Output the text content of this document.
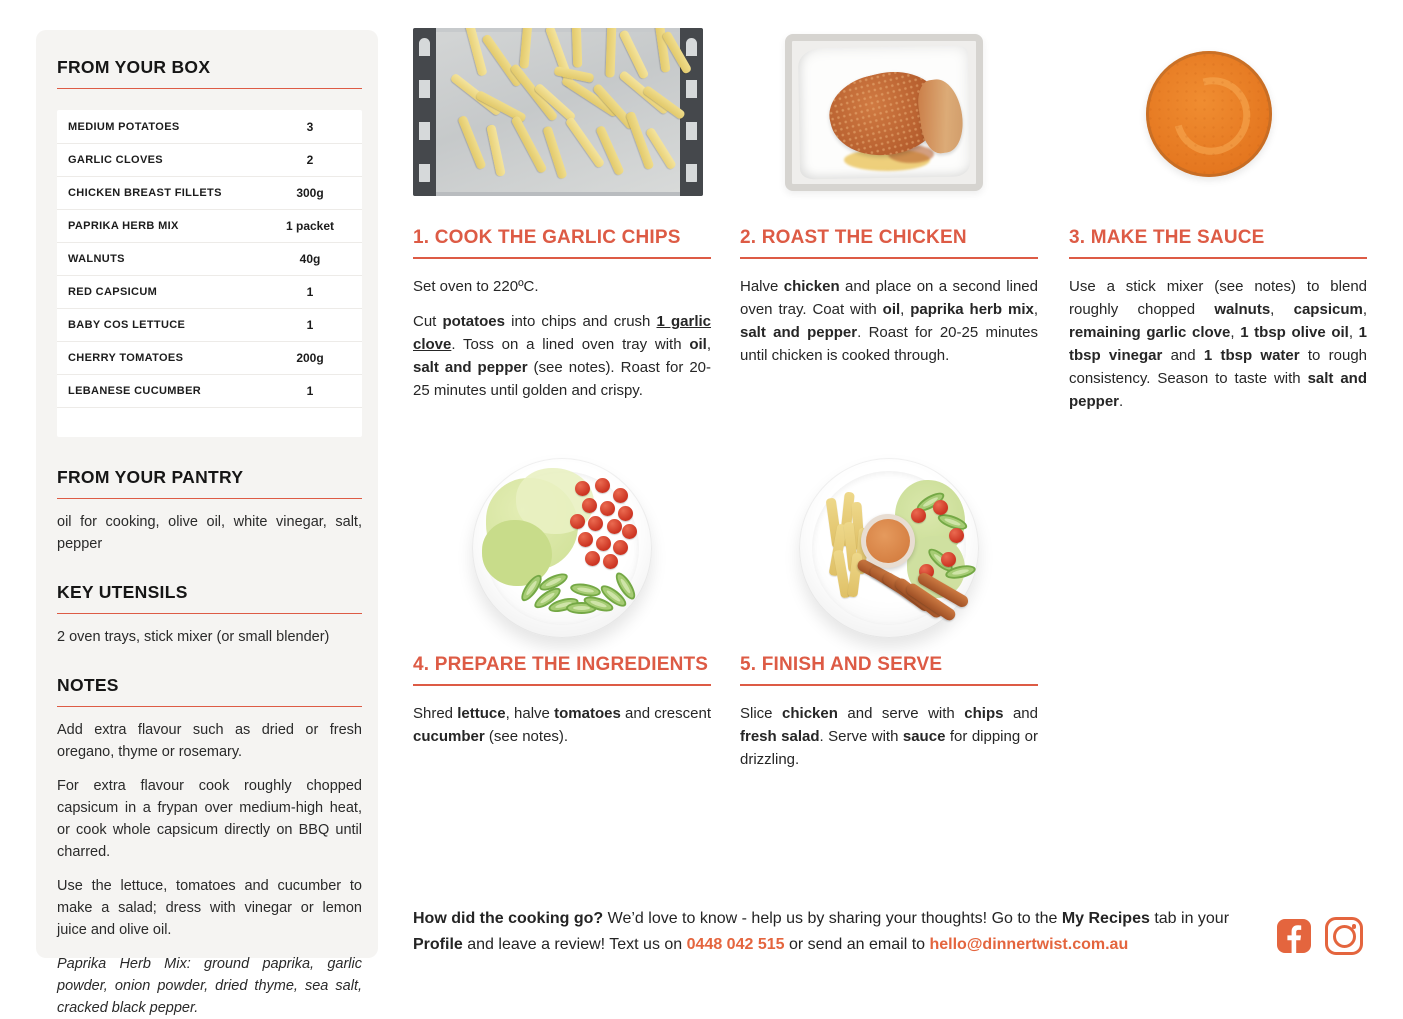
FROM YOUR BOX
MEDIUM POTATOES	3
GARLIC CLOVES	2
CHICKEN BREAST FILLETS	300g
PAPRIKA HERB MIX	1 packet
WALNUTS	40g
RED CAPSICUM	1
BABY COS LETTUCE	1
CHERRY TOMATOES	200g
LEBANESE CUCUMBER	1
FROM YOUR PANTRY

oil for cooking, olive oil, white vinegar, salt, pepper

KEY UTENSILS

2 oven trays, stick mixer (or small blender)

NOTES

Add extra flavour such as dried or fresh oregano, thyme or rosemary.

For extra flavour cook roughly chopped capsicum in a frypan over medium-high heat, or cook whole capsicum directly on BBQ until charred.

Use the lettuce, tomatoes and cucumber to make a salad; dress with vinegar or lemon juice and olive oil.

Paprika Herb Mix: ground paprika, garlic powder, onion powder, dried thyme, sea salt, cracked black pepper.

1. COOK THE GARLIC CHIPS

Set oven to 220ºC.

Cut potatoes into chips and crush 1 garlic clove. Toss on a lined oven tray with oil, salt and pepper (see notes). Roast for 20-25 minutes until golden and crispy.

2. ROAST THE CHICKEN

Halve chicken and place on a second lined oven tray. Coat with oil, paprika herb mix, salt and pepper. Roast for 20-25 minutes until chicken is cooked through.

3. MAKE THE SAUCE

Use a stick mixer (see notes) to blend roughly chopped walnuts, capsicum, remaining garlic clove, 1 tbsp olive oil, 1 tbsp vinegar and 1 tbsp water to rough consistency. Season to taste with salt and pepper.

4. PREPARE THE INGREDIENTS

Shred lettuce, halve tomatoes and crescent cucumber (see notes).

5. FINISH AND SERVE

Slice chicken and serve with chips and fresh salad. Serve with sauce for dipping or drizzling.

How did the cooking go? We’d love to know - help us by sharing your thoughts! Go to the My Recipes tab in your Profile and leave a review! Text us on 0448 042 515 or send an email to hello@dinnertwist.com.au
